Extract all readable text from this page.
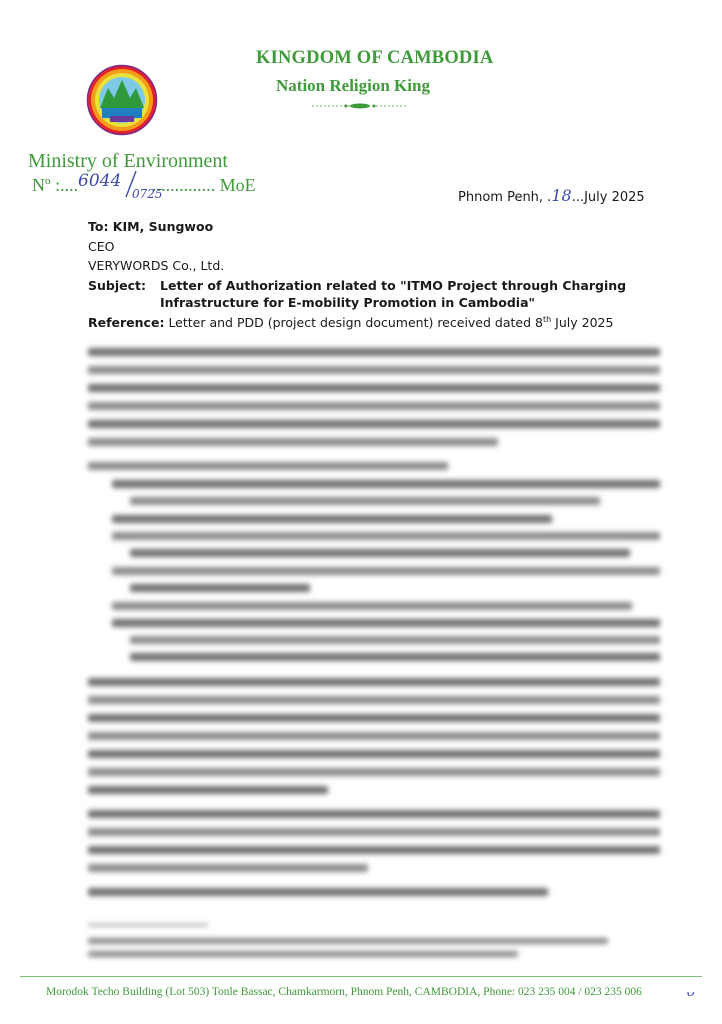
KINGDOM OF CAMBODIA
Nation Religion King
Ministry of Environment
Nº :....	.............. MoE
6044
0725	Phnom Penh, .18...July 2025
To: KIM, Sungwoo
CEO
VERYWORDS Co., Ltd.
Subject: Letter of Authorization related to "ITMO Project through Charging Infrastructure for E-mobility Promotion in Cambodia"
Reference: Letter and PDD (project design document) received dated 8th July 2025
Morodok Techo Building (Lot 503) Tonle Bassac, Chamkarmorn, Phnom Penh, CAMBODIA, Phone: 023 235 004 / 023 235 006	ᴗ
